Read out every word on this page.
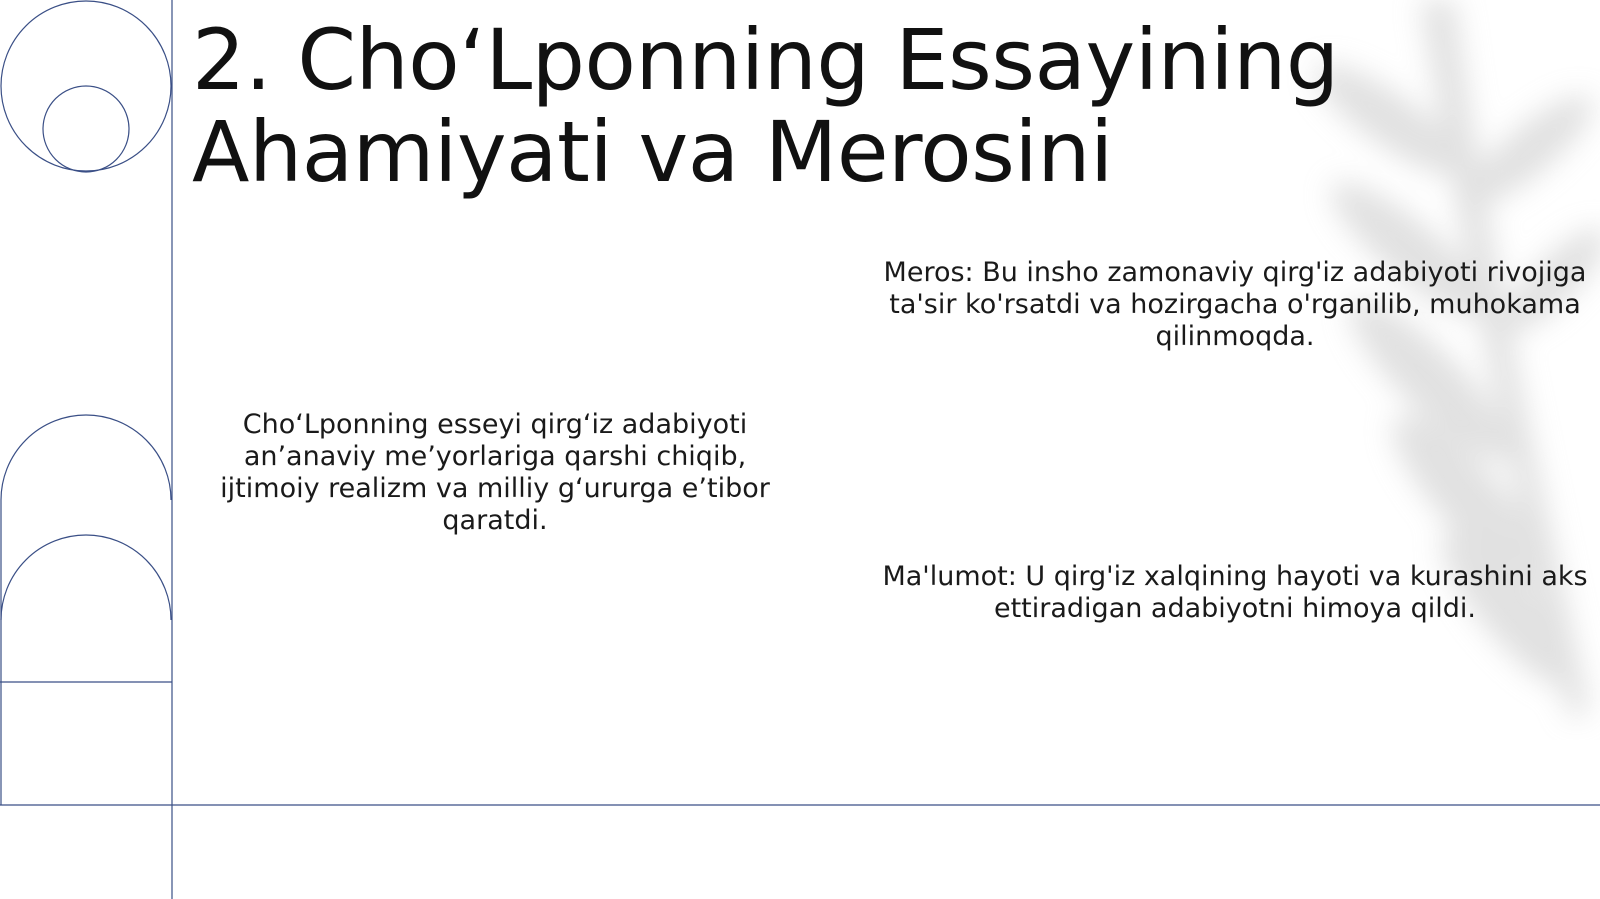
2. Cho‘Lponning Essayining Ahamiyati va Merosini
Cho‘Lponning esseyi qirg‘iz adabiyoti an’anaviy me’yorlariga qarshi chiqib, ijtimoiy realizm va milliy g‘ururga e’tibor qaratdi.
Meros: Bu insho zamonaviy qirg'iz adabiyoti rivojiga ta'sir ko'rsatdi va hozirgacha o'rganilib, muhokama qilinmoqda.
Ma'lumot: U qirg'iz xalqining hayoti va kurashini aks ettiradigan adabiyotni himoya qildi.
